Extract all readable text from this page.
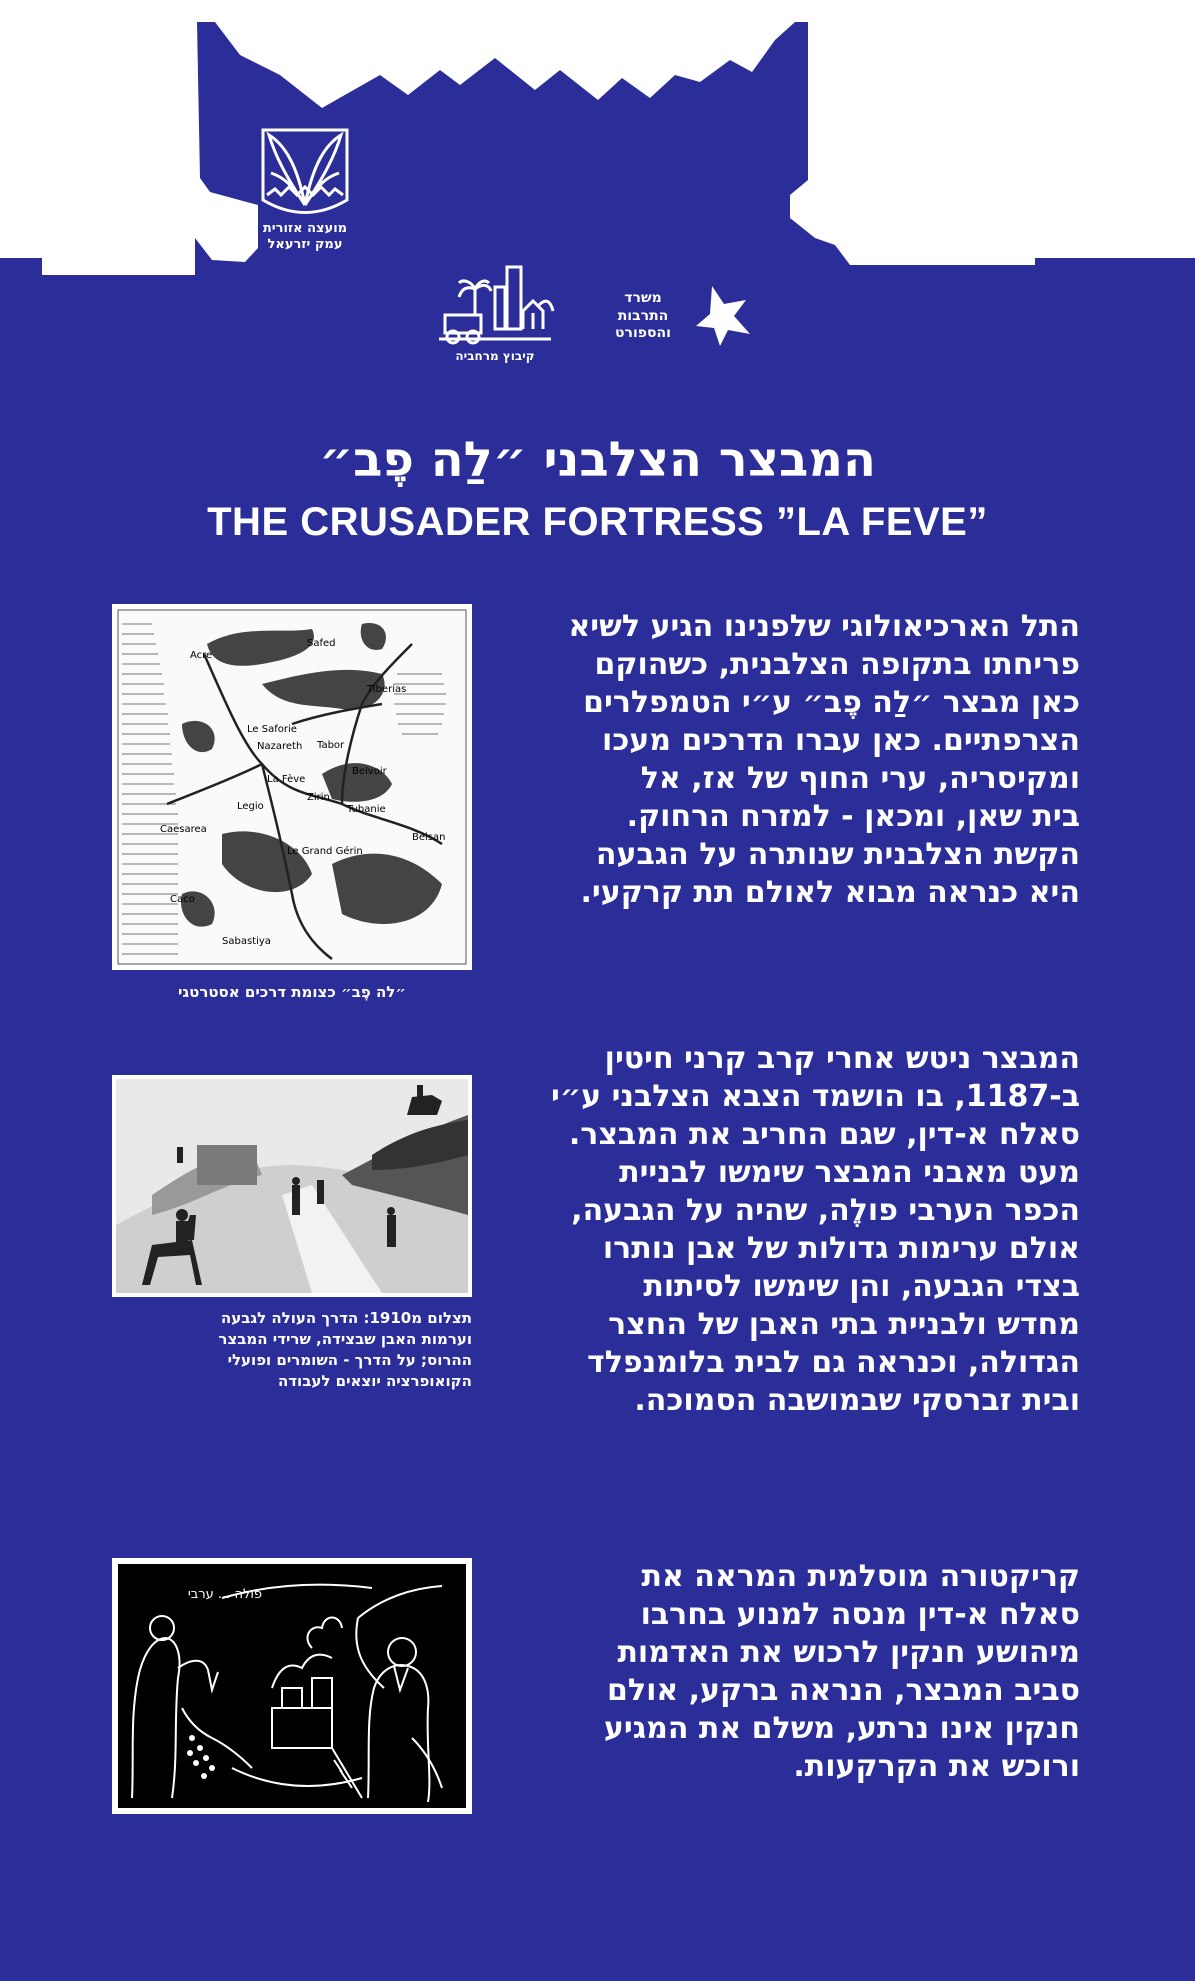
מועצה לשימור
אתרי מורשת בישראל
מועצה אזורית
עמק יזרעאל
משרד
התרבות
והספורט
קיבוץ מרחביה
המבצר הצלבני ״לַה פֶב״
THE CRUSADER FORTRESS ”LA FEVE”
התל הארכיאולוגי שלפנינו הגיע לשיא
פריחתו בתקופה הצלבנית, כשהוקם
כאן מבצר ״לַה פֶב״ ע״י הטמפלרים
הצרפתיים. כאן עברו הדרכים מעכו
ומקיסריה, ערי החוף של אז, אל
בית שאן, ומכאן - למזרח הרחוק.
הקשת הצלבנית שנותרה על הגבעה
היא כנראה מבוא לאולם תת קרקעי.
Safed
Acre
Tiberias
Le Saforie
Nazareth Tabor
Belvoir
La Fève
Zirin
Tubanie
Legio
Caesarea
Belsan
Le Grand Gérin
Caco
Sabastiya
״לה פֶב״ כצומת דרכים אסטרטגי
המבצר ניטש אחרי קרב קרני חיטין
ב-1187, בו הושמד הצבא הצלבני ע״י
סאלח א-דין, שגם החריב את המבצר.
מעט מאבני המבצר שימשו לבניית
הכפר הערבי פולֶה, שהיה על הגבעה,
אולם ערימות גדולות של אבן נותרו
בצדי הגבעה, והן שימשו לסיתות
מחדש ולבניית בתי האבן של החצר
הגדולה, וכנראה גם לבית בלומנפלד
ובית זברסקי שבמושבה הסמוכה.
תצלום מ1910: הדרך העולה לגבעה
וערמות האבן שבצידה, שרידי המבצר
ההרוס; על הדרך - השומרים ופועלי
הקואופרציה יוצאים לעבודה
קריקטורה מוסלמית המראה את
סאלח א-דין מנסה למנוע בחרבו
מיהושע חנקין לרכוש את האדמות
סביב המבצר, הנראה ברקע, אולם
חנקין אינו נרתע, משלם את המגיע
ורוכש את הקרקעות.
פולה ... ערבי
